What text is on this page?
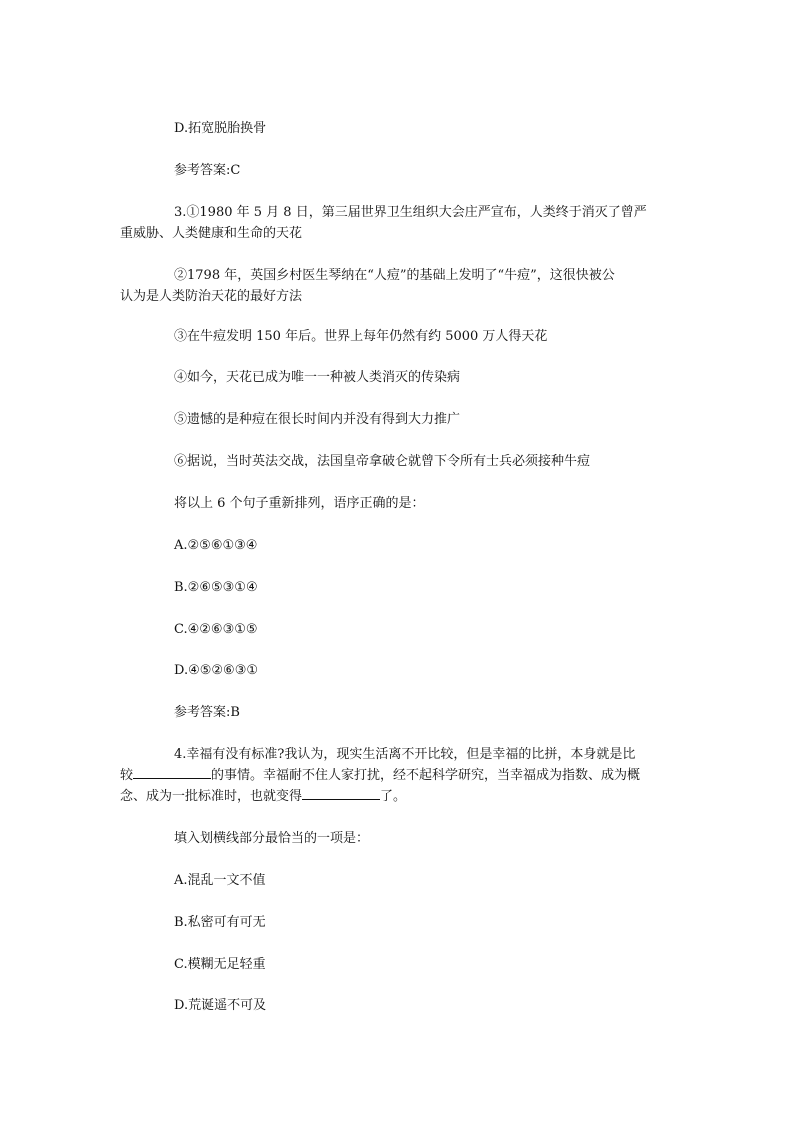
D.拓宽脱胎换骨

参考答案:C

3.①1980 年 5 月 8 日，第三届世界卫生组织大会庄严宣布，人类终于消灭了曾严
重威胁、人类健康和生命的天花
②1798 年，英国乡村医生琴纳在“人痘”的基础上发明了“牛痘”，这很快被公
认为是人类防治天花的最好方法

③在牛痘发明 150 年后。世界上每年仍然有约 5000 万人得天花

④如今，天花已成为唯一一种被人类消灭的传染病

⑤遗憾的是种痘在很长时间内并没有得到大力推广

⑥据说，当时英法交战，法国皇帝拿破仑就曾下令所有士兵必须接种牛痘

将以上 6 个句子重新排列，语序正确的是：

A.②⑤⑥①③④

B.②⑥⑤③①④

C.④②⑥③①⑤

D.④⑤②⑥③①

参考答案:B

4.幸福有没有标准?我认为，现实生活离不开比较，但是幸福的比拼，本身就是比
较	的事情。幸福耐不住人家打扰，经不起科学研究，当幸福成为指数、成为概
念、成为一批标准时，也就变得	了。

填入划横线部分最恰当的一项是：

A.混乱一文不值

B.私密可有可无

C.模糊无足轻重

D.荒诞遥不可及
